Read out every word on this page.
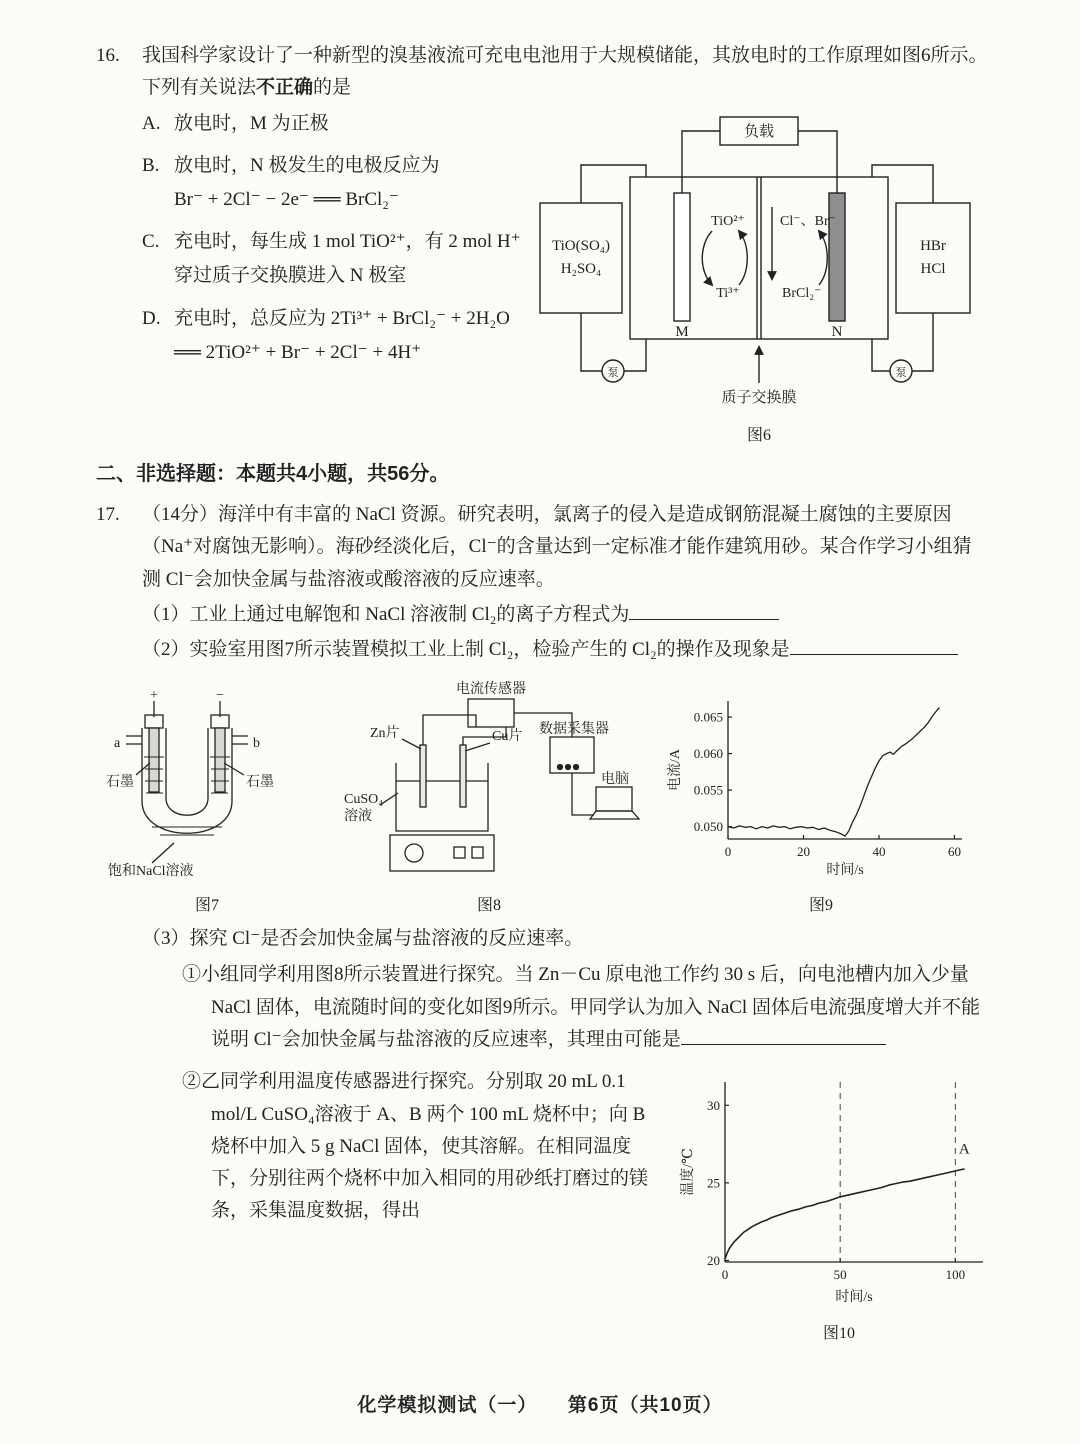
16.	我国科学家设计了一种新型的溴基液流可充电电池用于大规模储能，其放电时的工作原理如图6所示。下列有关说法不正确的是

A. 放电时，M 为正极
B. 放电时，N 极发生的电极反应为
Br⁻ + 2Cl⁻ − 2e⁻ ══ BrCl₂⁻
C. 充电时，每生成 1 mol TiO²⁺，有 2 mol H⁺ 穿过质子交换膜进入 N 极室
D. 充电时，总反应为 2Ti³⁺ + BrCl₂⁻ + 2H₂O ══ 2TiO²⁺ + Br⁻ + 2Cl⁻ + 4H⁺
负载
TiO(SO₄)
H₂SO₄
HBr
HCl
M	N
TiO²⁺
Ti³⁺
Cl⁻、Br⁻
BrCl₂⁻
泵	泵
质子交换膜
图6
二、非选择题：本题共4小题，共56分。
17.	（14分）海洋中有丰富的 NaCl 资源。研究表明，氯离子的侵入是造成钢筋混凝土腐蚀的主要原因（Na⁺对腐蚀无影响）。海砂经淡化后，Cl⁻的含量达到一定标准才能作建筑用砂。某合作学习小组猜测 Cl⁻会加快金属与盐溶液或酸溶液的反应速率。

（1）工业上通过电解饱和 NaCl 溶液制 Cl₂的离子方程式为
（2）实验室用图7所示装置模拟工业上制 Cl₂，检验产生的 Cl₂的操作及现象是
+	−
a	b
石墨	石墨
饱和NaCl溶液
图7
电流传感器
Zn片	Cu片 数据采集器
CuSO₄
溶液
电脑
图8
0	20	40	60
0.050
0.055
0.060
0.065
时间/s
电流/A
图9
（3）探究 Cl⁻是否会加快金属与盐溶液的反应速率。
①小组同学利用图8所示装置进行探究。当 Zn－Cu 原电池工作约 30 s 后，向电池槽内加入少量 NaCl 固体，电流随时间的变化如图9所示。甲同学认为加入 NaCl 固体后电流强度增大并不能说明 Cl⁻会加快金属与盐溶液的反应速率，其理由可能是
②乙同学利用温度传感器进行探究。分别取 20 mL 0.1 mol/L CuSO₄溶液于 A、B 两个 100 mL 烧杯中；向 B 烧杯中加入 5 g NaCl 固体，使其溶解。在相同温度下，分别往两个烧杯中加入相同的用砂纸打磨过的镁条，采集温度数据，得出
0	50	100
20
25
30
时间/s
温度/℃	A
图10
化学模拟测试（一）　　第6页（共10页）
